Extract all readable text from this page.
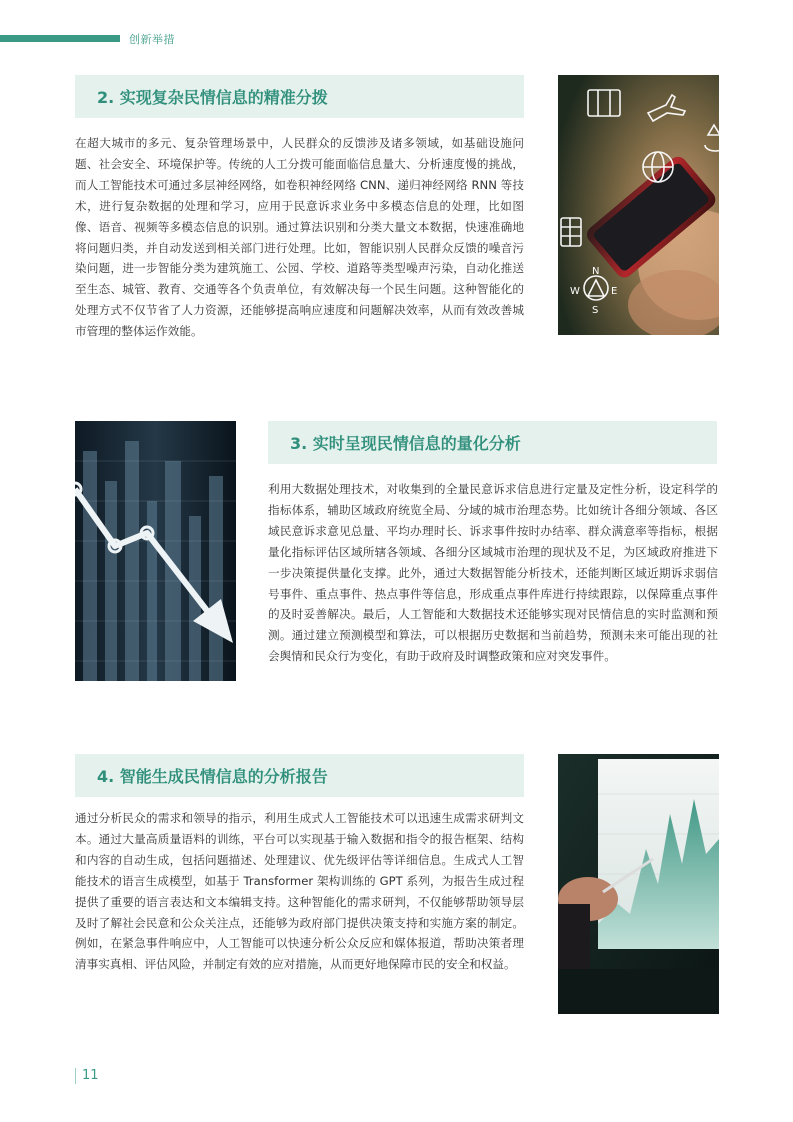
创新举措
2. 实现复杂民情信息的精准分拨

在超大城市的多元、复杂管理场景中，人民群众的反馈涉及诸多领域，如基础设施问题、社会安全、环境保护等。传统的人工分拨可能面临信息量大、分析速度慢的挑战，而人工智能技术可通过多层神经网络，如卷积神经网络 CNN、递归神经网络 RNN 等技术，进行复杂数据的处理和学习，应用于民意诉求业务中多模态信息的处理，比如图像、语音、视频等多模态信息的识别。通过算法识别和分类大量文本数据，快速准确地将问题归类，并自动发送到相关部门进行处理。比如，智能识别人民群众反馈的噪音污染问题，进一步智能分类为建筑施工、公园、学校、道路等类型噪声污染，自动化推送至生态、城管、教育、交通等各个负责单位，有效解决每一个民生问题。这种智能化的处理方式不仅节省了人力资源，还能够提高响应速度和问题解决效率，从而有效改善城市管理的整体运作效能。

N
W	E
S
3. 实时呈现民情信息的量化分析

利用大数据处理技术，对收集到的全量民意诉求信息进行定量及定性分析，设定科学的指标体系，辅助区域政府统览全局、分域的城市治理态势。比如统计各细分领域、各区域民意诉求意见总量、平均办理时长、诉求事件按时办结率、群众满意率等指标，根据量化指标评估区域所辖各领域、各细分区域城市治理的现状及不足，为区域政府推进下一步决策提供量化支撑。此外，通过大数据智能分析技术，还能判断区域近期诉求弱信号事件、重点事件、热点事件等信息，形成重点事件库进行持续跟踪，以保障重点事件的及时妥善解决。最后，人工智能和大数据技术还能够实现对民情信息的实时监测和预测。通过建立预测模型和算法，可以根据历史数据和当前趋势，预测未来可能出现的社会舆情和民众行为变化，有助于政府及时调整政策和应对突发事件。

4. 智能生成民情信息的分析报告

通过分析民众的需求和领导的指示，利用生成式人工智能技术可以迅速生成需求研判文本。通过大量高质量语料的训练，平台可以实现基于输入数据和指令的报告框架、结构和内容的自动生成，包括问题描述、处理建议、优先级评估等详细信息。生成式人工智能技术的语言生成模型，如基于 Transformer 架构训练的 GPT 系列，为报告生成过程提供了重要的语言表达和文本编辑支持。这种智能化的需求研判，不仅能够帮助领导层及时了解社会民意和公众关注点，还能够为政府部门提供决策支持和实施方案的制定。例如，在紧急事件响应中，人工智能可以快速分析公众反应和媒体报道，帮助决策者理清事实真相、评估风险，并制定有效的应对措施，从而更好地保障市民的安全和权益。

11
